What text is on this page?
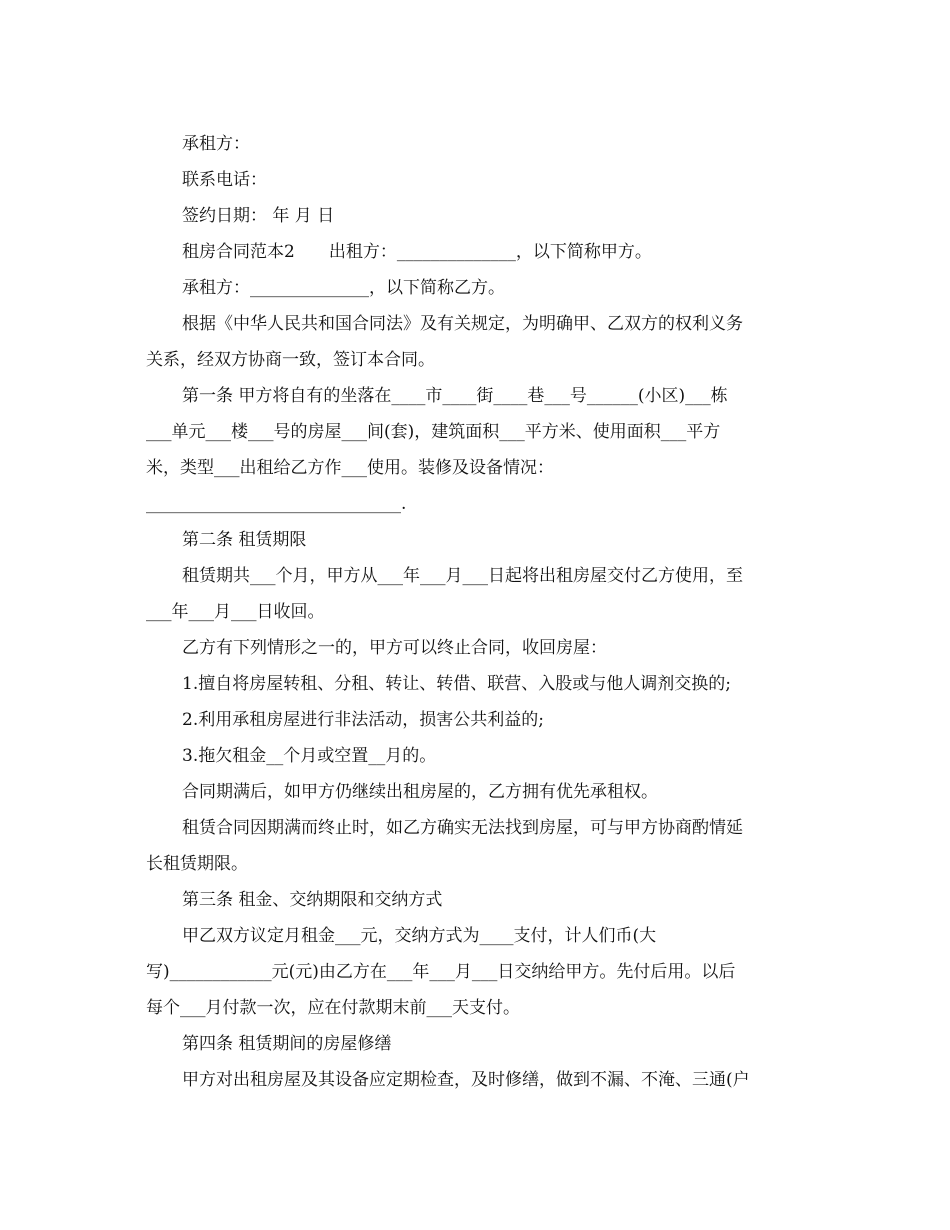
承租方：
联系电话：
签约日期： 年 月 日
租房合同范本2　　出租方：______________，以下简称甲方。
承租方：______________，以下简称乙方。
根据《中华人民共和国合同法》及有关规定，为明确甲、乙双方的权利义务
关系，经双方协商一致，签订本合同。
第一条 甲方将自有的坐落在____市____街____巷___号______(小区)___栋
___单元___楼___号的房屋___间(套)，建筑面积___平方米、使用面积___平方
米，类型___出租给乙方作___使用。装修及设备情况：
______________________________.
第二条 租赁期限
租赁期共___个月，甲方从___年___月___日起将出租房屋交付乙方使用，至
___年___月___日收回。
乙方有下列情形之一的，甲方可以终止合同，收回房屋：
1.擅自将房屋转租、分租、转让、转借、联营、入股或与他人调剂交换的;
2.利用承租房屋进行非法活动，损害公共利益的;
3.拖欠租金__个月或空置__月的。
合同期满后，如甲方仍继续出租房屋的，乙方拥有优先承租权。
租赁合同因期满而终止时，如乙方确实无法找到房屋，可与甲方协商酌情延
长租赁期限。
第三条 租金、交纳期限和交纳方式
甲乙双方议定月租金___元，交纳方式为____支付，计人们币(大
写)____________元(元)由乙方在___年___月___日交纳给甲方。先付后用。以后
每个___月付款一次，应在付款期末前___天支付。
第四条 租赁期间的房屋修缮
甲方对出租房屋及其设备应定期检查，及时修缮，做到不漏、不淹、三通(户
